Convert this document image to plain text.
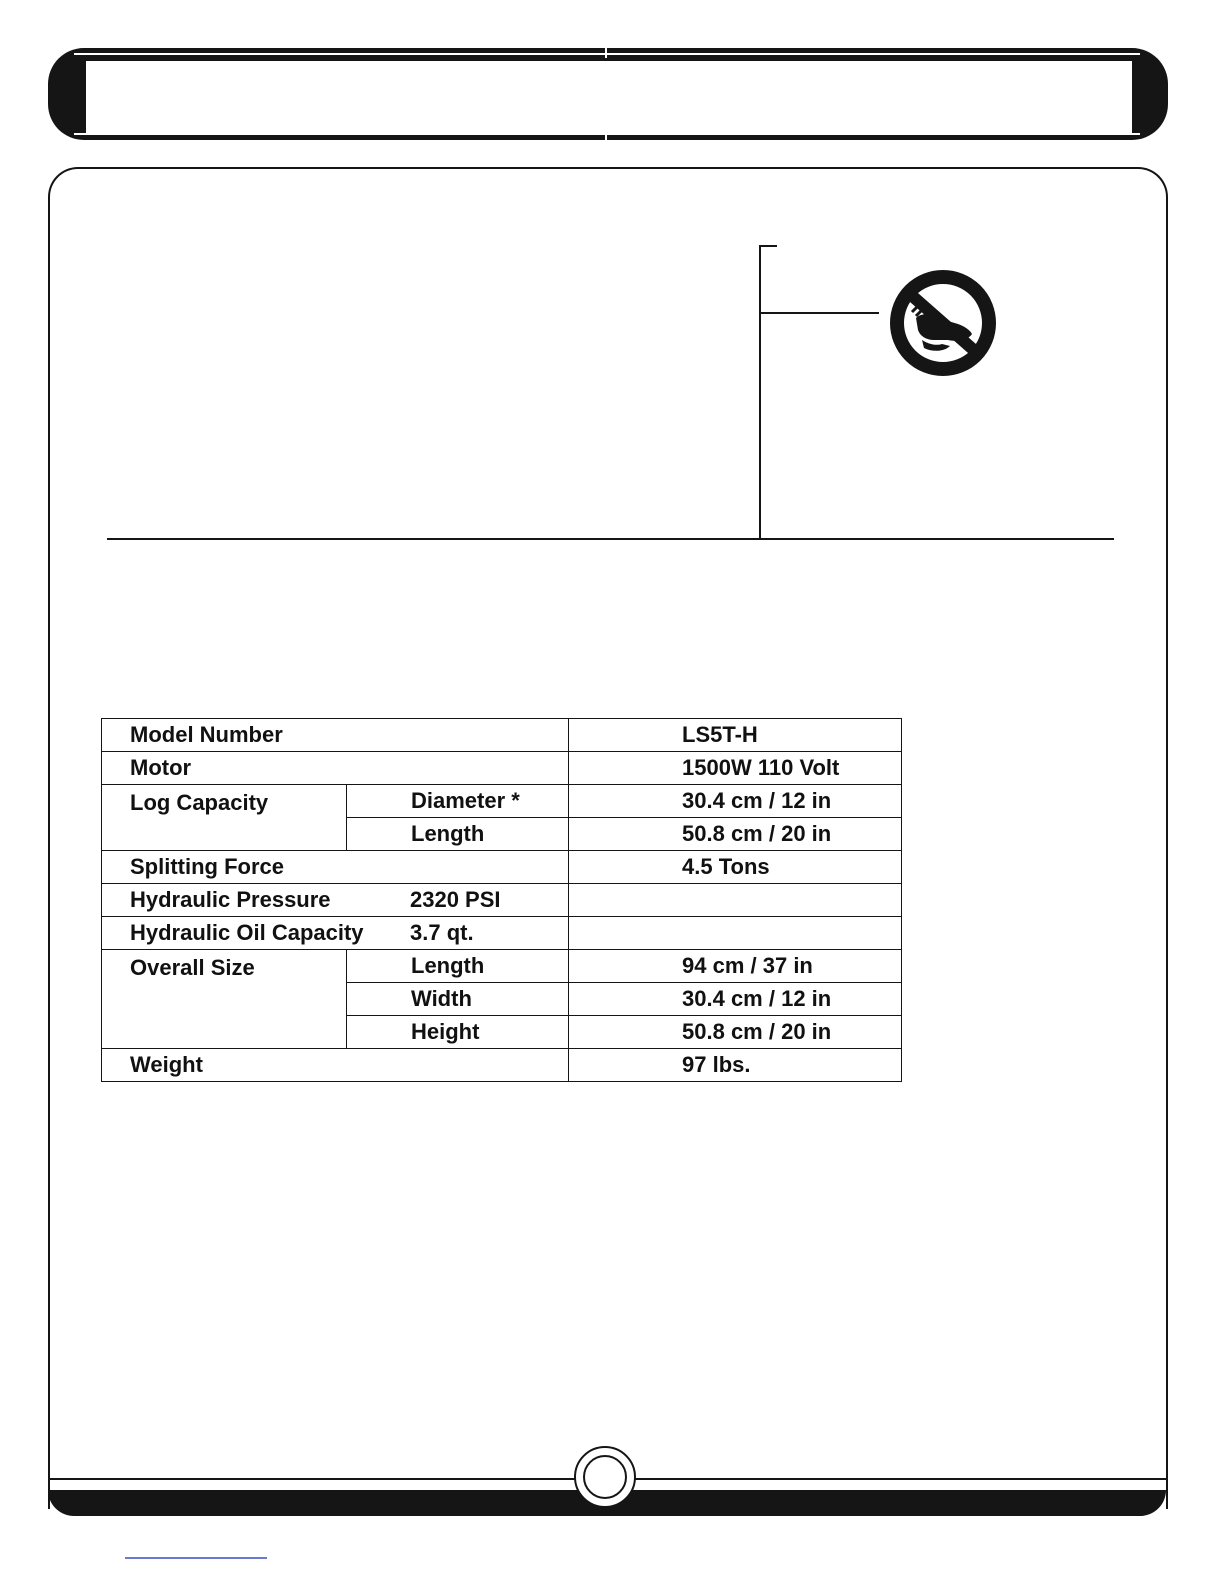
Model Number		LS5T-H
Motor		1500W 110 Volt
Log Capacity	Diameter *	30.4 cm / 12 in
	Length	50.8 cm / 20 in
Splitting Force		4.5 Tons

Hydraulic Pressure 2320 PSI		

Hydraulic Oil Capacity 3.7 qt.		

Overall Size	Length	94 cm / 37 in
	Width	30.4 cm / 12 in
	Height	50.8 cm / 20 in
Weight		97 lbs.
